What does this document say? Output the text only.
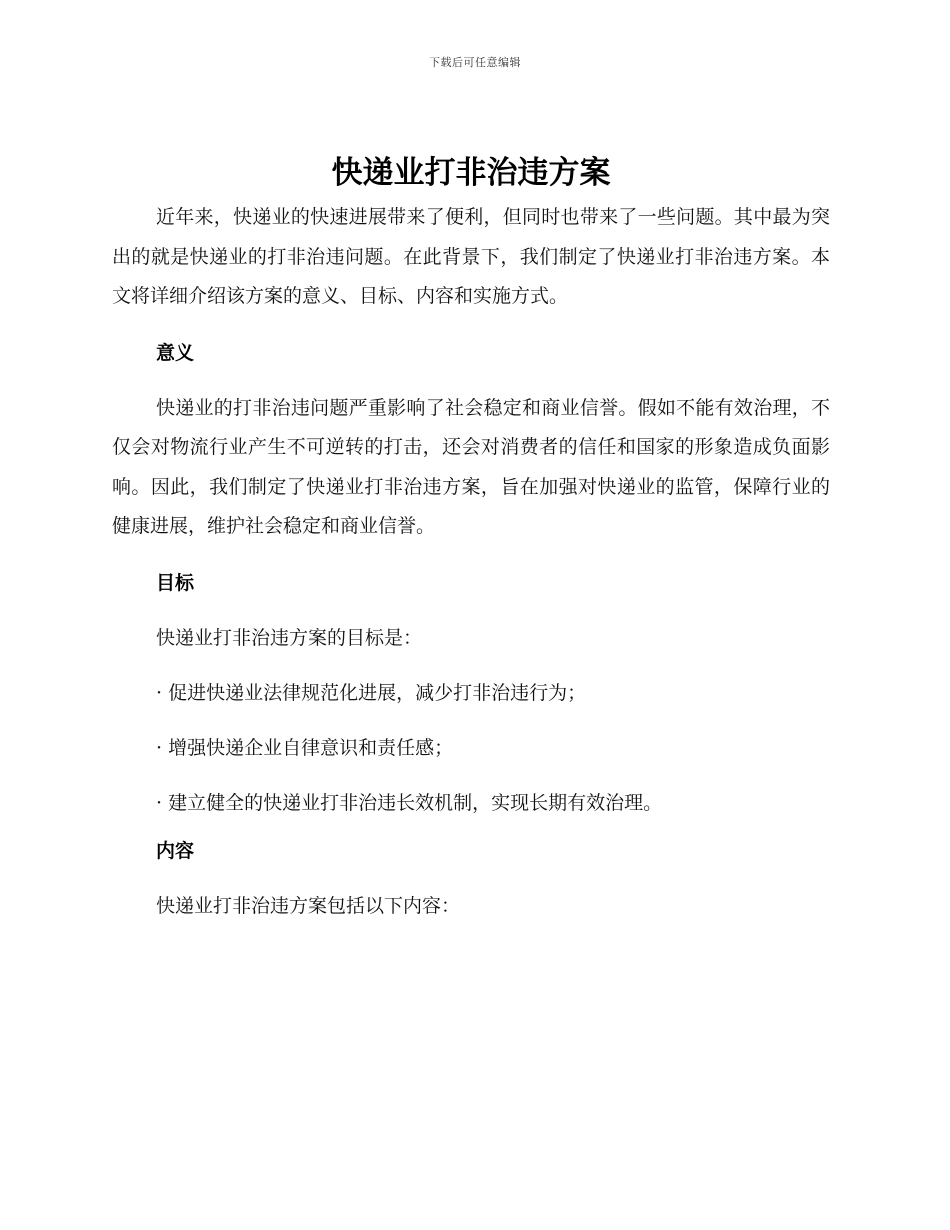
下载后可任意编辑
快递业打非治违方案

近年来，快递业的快速进展带来了便利，但同时也带来了一些问题。其中最为突出的就是快递业的打非治违问题。在此背景下，我们制定了快递业打非治违方案。本文将详细介绍该方案的意义、目标、内容和实施方式。

意义

快递业的打非治违问题严重影响了社会稳定和商业信誉。假如不能有效治理，不仅会对物流行业产生不可逆转的打击，还会对消费者的信任和国家的形象造成负面影响。因此，我们制定了快递业打非治违方案，旨在加强对快递业的监管，保障行业的健康进展，维护社会稳定和商业信誉。

目标
快递业打非治违方案的目标是：
· 促进快递业法律规范化进展，减少打非治违行为；
· 增强快递企业自律意识和责任感；
· 建立健全的快递业打非治违长效机制，实现长期有效治理。
内容
快递业打非治违方案包括以下内容：
